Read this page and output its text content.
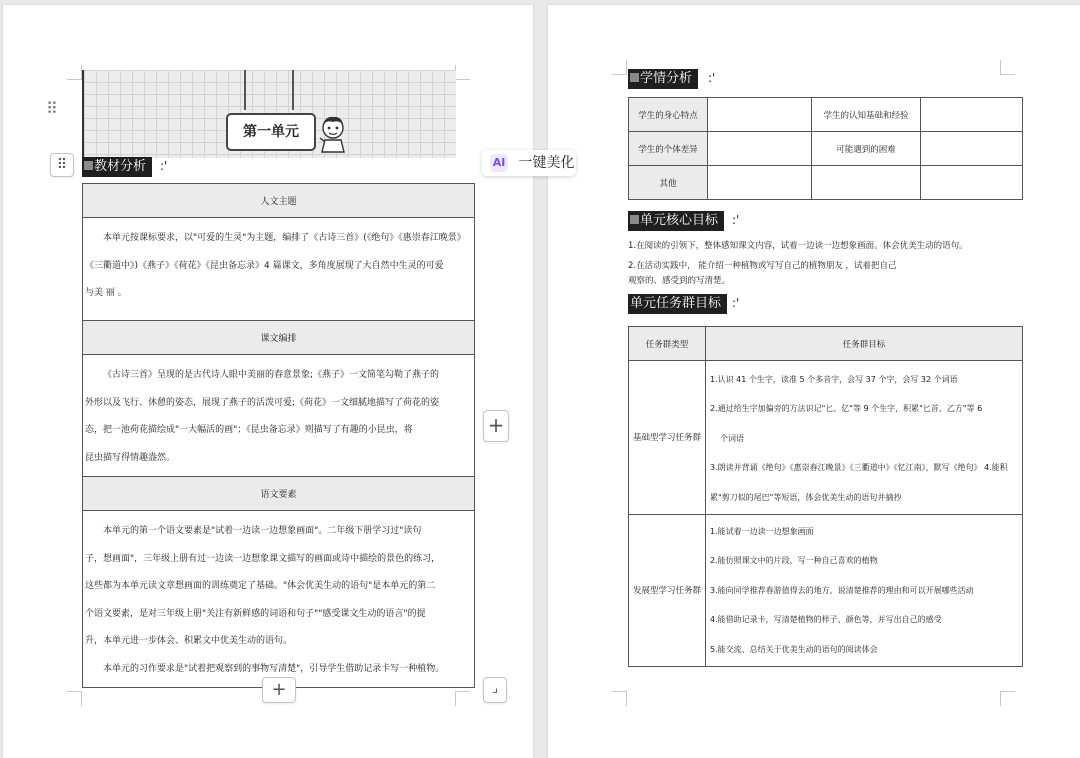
第一单元
教材分析	:'
人文主题

本单元按课标要求，以"可爱的生灵"为主题，编排了《古诗三首》(《绝句》《惠崇春江晚景》
《三衢道中》)《燕子》《荷花》《昆虫备忘录》4 篇课文，多角度展现了大自然中生灵的可爱
与美 丽 。

课文编排

《古诗三首》呈现的是古代诗人眼中美丽的春意景象;《燕子》一文简笔勾勒了燕子的
外形以及飞行、休憩的姿态，展现了燕子的活泼可爱;《荷花》一文细腻地描写了荷花的姿
态，把一池荷花描绘成"一大幅活的画"；《昆虫备忘录》则描写了有趣的小昆虫，将
昆虫描写得情趣盎然。

语文要素

本单元的第一个语文要素是"试着一边读一边想象画面"。二年级下册学习过"读句
子，想画面"，三年级上册有过一边读一边想象课文描写的画面或诗中描绘的景色的练习，
这些都为本单元读文章想画面的训练奠定了基础。"体会优美生动的语句"是本单元的第二
个语文要素，是对三年级上册"关注有新鲜感的词语和句子""感受课文生动的语言"的提
升，本单元进一步体会、积累文中优美生动的语句。
本单元的习作要求是"试着把观察到的事物写清楚"，引导学生借助记录卡写一种植物。
学情分析	:'
学生的身心特点		学生的认知基础和经验	
学生的个体差异		可能遇到的困难	
其他			
单元核心目标	:'
1.在阅读的引领下，整体感知课文内容，试着一边读一边想象画面。体会优美生动的语句。
2.在活动实践中， 能介绍一种植物或写写自己的植物朋友 ，试着把自己
观察的、感受到的写清楚。
单元任务群目标 :'
任务群类型	任务群目标
基础型学习任务群	1.认识 41 个生字，读准 5 个多音字，会写 37 个字，会写 32 个词语
2.通过给生字加偏旁的方法识记"匕、亿"等 9 个生字，积累"匕首、乙方"等 6
个词语
3.朗读并背诵《绝句》《惠崇春江晚景》《三衢道中》《忆江南》，默写《绝句》 4.能积
累"剪刀似的尾巴"等短语，体会优美生动的语句并摘抄

发展型学习任务群	1.能试着一边读一边想象画面
2.能仿照课文中的片段，写一种自己喜欢的植物
3.能向同学推荐春游值得去的地方，说清楚推荐的理由和可以开展哪些活动
4.能借助记录卡，写清楚植物的样子、颜色等，并写出自己的感受
5.能交流、总结关于优美生动的语句的阅读体会
⠿
⠿	AI 一键美化
+
+	⌟
